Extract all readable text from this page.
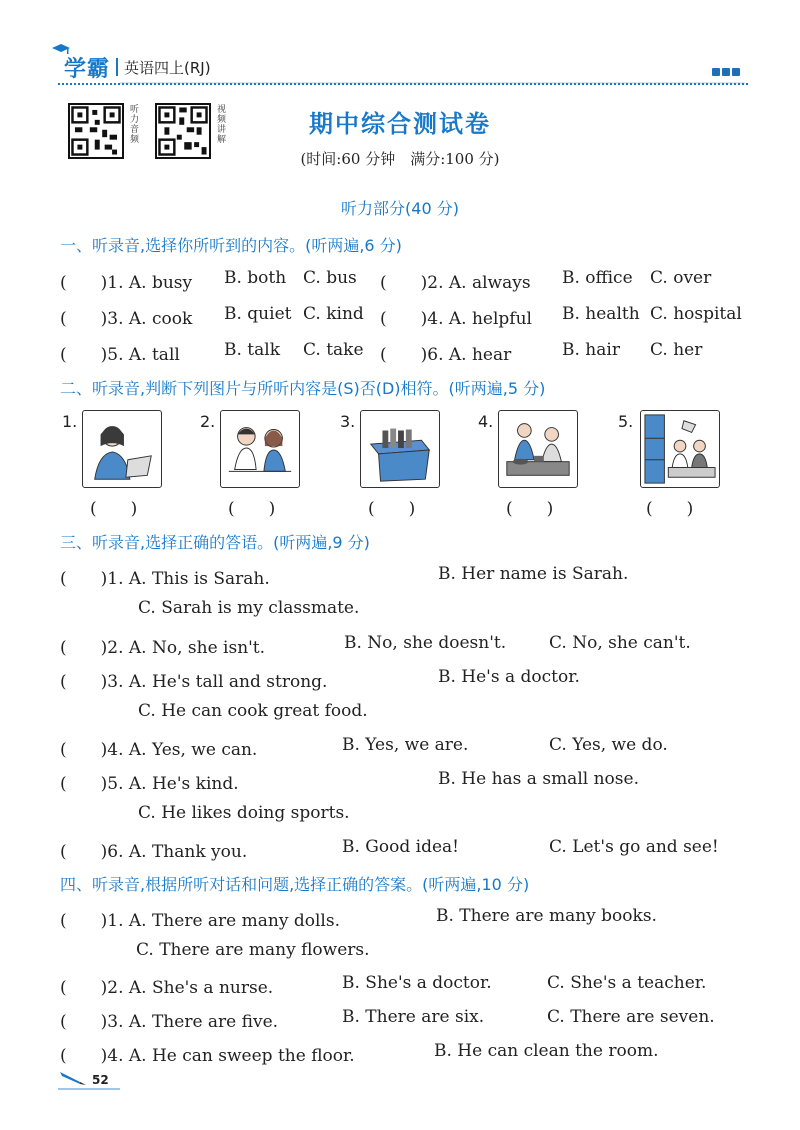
学霸 英语四上(RJ)
听力音频	视频讲解	期中综合测试卷
(时间:60 分钟　满分:100 分)
听力部分(40 分)
一、听录音,选择你所听到的内容。(听两遍,6 分)
(　　)1. A. busy B. both C. bus (　　)2. A. always B. office C. over
(　　)3. A. cook B. quiet C. kind (　　)4. A. helpful B. health C. hospital
(　　)5. A. tall	B. talk C. take (　　)6. A. hear	B. hair C. her
二、听录音,判断下列图片与所听内容是(S)否(D)相符。(听两遍,5 分)
1.
(　　)
2.
(　　)
3.
(　　)
4.
(　　)
5.
(　　)
三、听录音,选择正确的答语。(听两遍,9 分)
(　　)1. A. This is Sarah.	B. Her name is Sarah.
C. Sarah is my classmate.
(　　)2. A. No, she isn't.	B. No, she doesn't.	C. No, she can't.
(　　)3. A. He's tall and strong.	B. He's a doctor.
C. He can cook great food.
(　　)4. A. Yes, we can.	B. Yes, we are.	C. Yes, we do.
(　　)5. A. He's kind.	B. He has a small nose.
C. He likes doing sports.
(　　)6. A. Thank you.	B. Good idea!	C. Let's go and see!
四、听录音,根据所听对话和问题,选择正确的答案。(听两遍,10 分)
(　　)1. A. There are many dolls.	B. There are many books.
C. There are many flowers.
(　　)2. A. She's a nurse.	B. She's a doctor.	C. She's a teacher.
(　　)3. A. There are five.	B. There are six.	C. There are seven.
(　　)4. A. He can sweep the floor.	B. He can clean the room.
52
